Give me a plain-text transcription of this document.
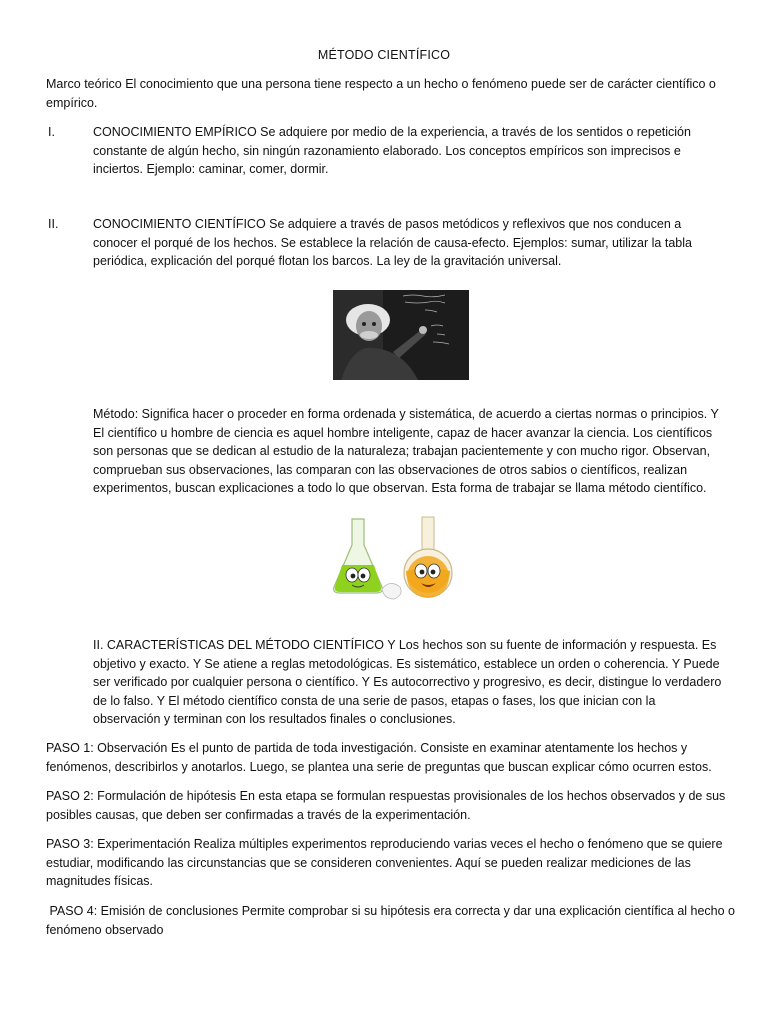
MÉTODO CIENTÍFICO
Marco teórico El conocimiento que una persona tiene respecto a un hecho o fenómeno puede ser de carácter científico o empírico.
I.	CONOCIMIENTO EMPÍRICO Se adquiere por medio de la experiencia, a través de los sentidos o repetición constante de algún hecho, sin ningún razonamiento elaborado. Los conceptos empíricos son imprecisos e inciertos. Ejemplo: caminar, comer, dormir.
II.	CONOCIMIENTO CIENTÍFICO Se adquiere a través de pasos metódicos y reflexivos que nos conducen a conocer el porqué de los hechos. Se establece la relación de causa-efecto. Ejemplos: sumar, utilizar la tabla periódica, explicación del porqué flotan los barcos. La ley de la gravitación universal.
Método: Significa hacer o proceder en forma ordenada y sistemática, de acuerdo a ciertas normas o principios. Y El científico u hombre de ciencia es aquel hombre inteligente, capaz de hacer avanzar la ciencia. Los científicos son personas que se dedican al estudio de la naturaleza; trabajan pacientemente y con mucho rigor. Observan, comprueban sus observaciones, las comparan con las observaciones de otros sabios o científicos, realizan experimentos, buscan explicaciones a todo lo que observan. Esta forma de trabajar se llama método científico.
II. CARACTERÍSTICAS DEL MÉTODO CIENTÍFICO Y Los hechos son su fuente de información y respuesta. Es objetivo y exacto. Y Se atiene a reglas metodológicas. Es sistemático, establece un orden o coherencia. Y Puede ser verificado por cualquier persona o científico. Y Es autocorrectivo y progresivo, es decir, distingue lo verdadero de lo falso. Y El método científico consta de una serie de pasos, etapas o fases, los que inician con la observación y terminan con los resultados finales o conclusiones.
PASO 1: Observación Es el punto de partida de toda investigación. Consiste en examinar atentamente los hechos y fenómenos, describirlos y anotarlos. Luego, se plantea una serie de preguntas que buscan explicar cómo ocurren estos.
PASO 2: Formulación de hipótesis En esta etapa se formulan respuestas provisionales de los hechos observados y de sus posibles causas, que deben ser confirmadas a través de la experimentación.
PASO 3: Experimentación Realiza múltiples experimentos reproduciendo varias veces el hecho o fenómeno que se quiere estudiar, modificando las circunstancias que se consideren convenientes. Aquí se pueden realizar mediciones de las magnitudes físicas.
PASO 4: Emisión de conclusiones Permite comprobar si su hipótesis era correcta y dar una explicación científica al hecho o fenómeno observado
